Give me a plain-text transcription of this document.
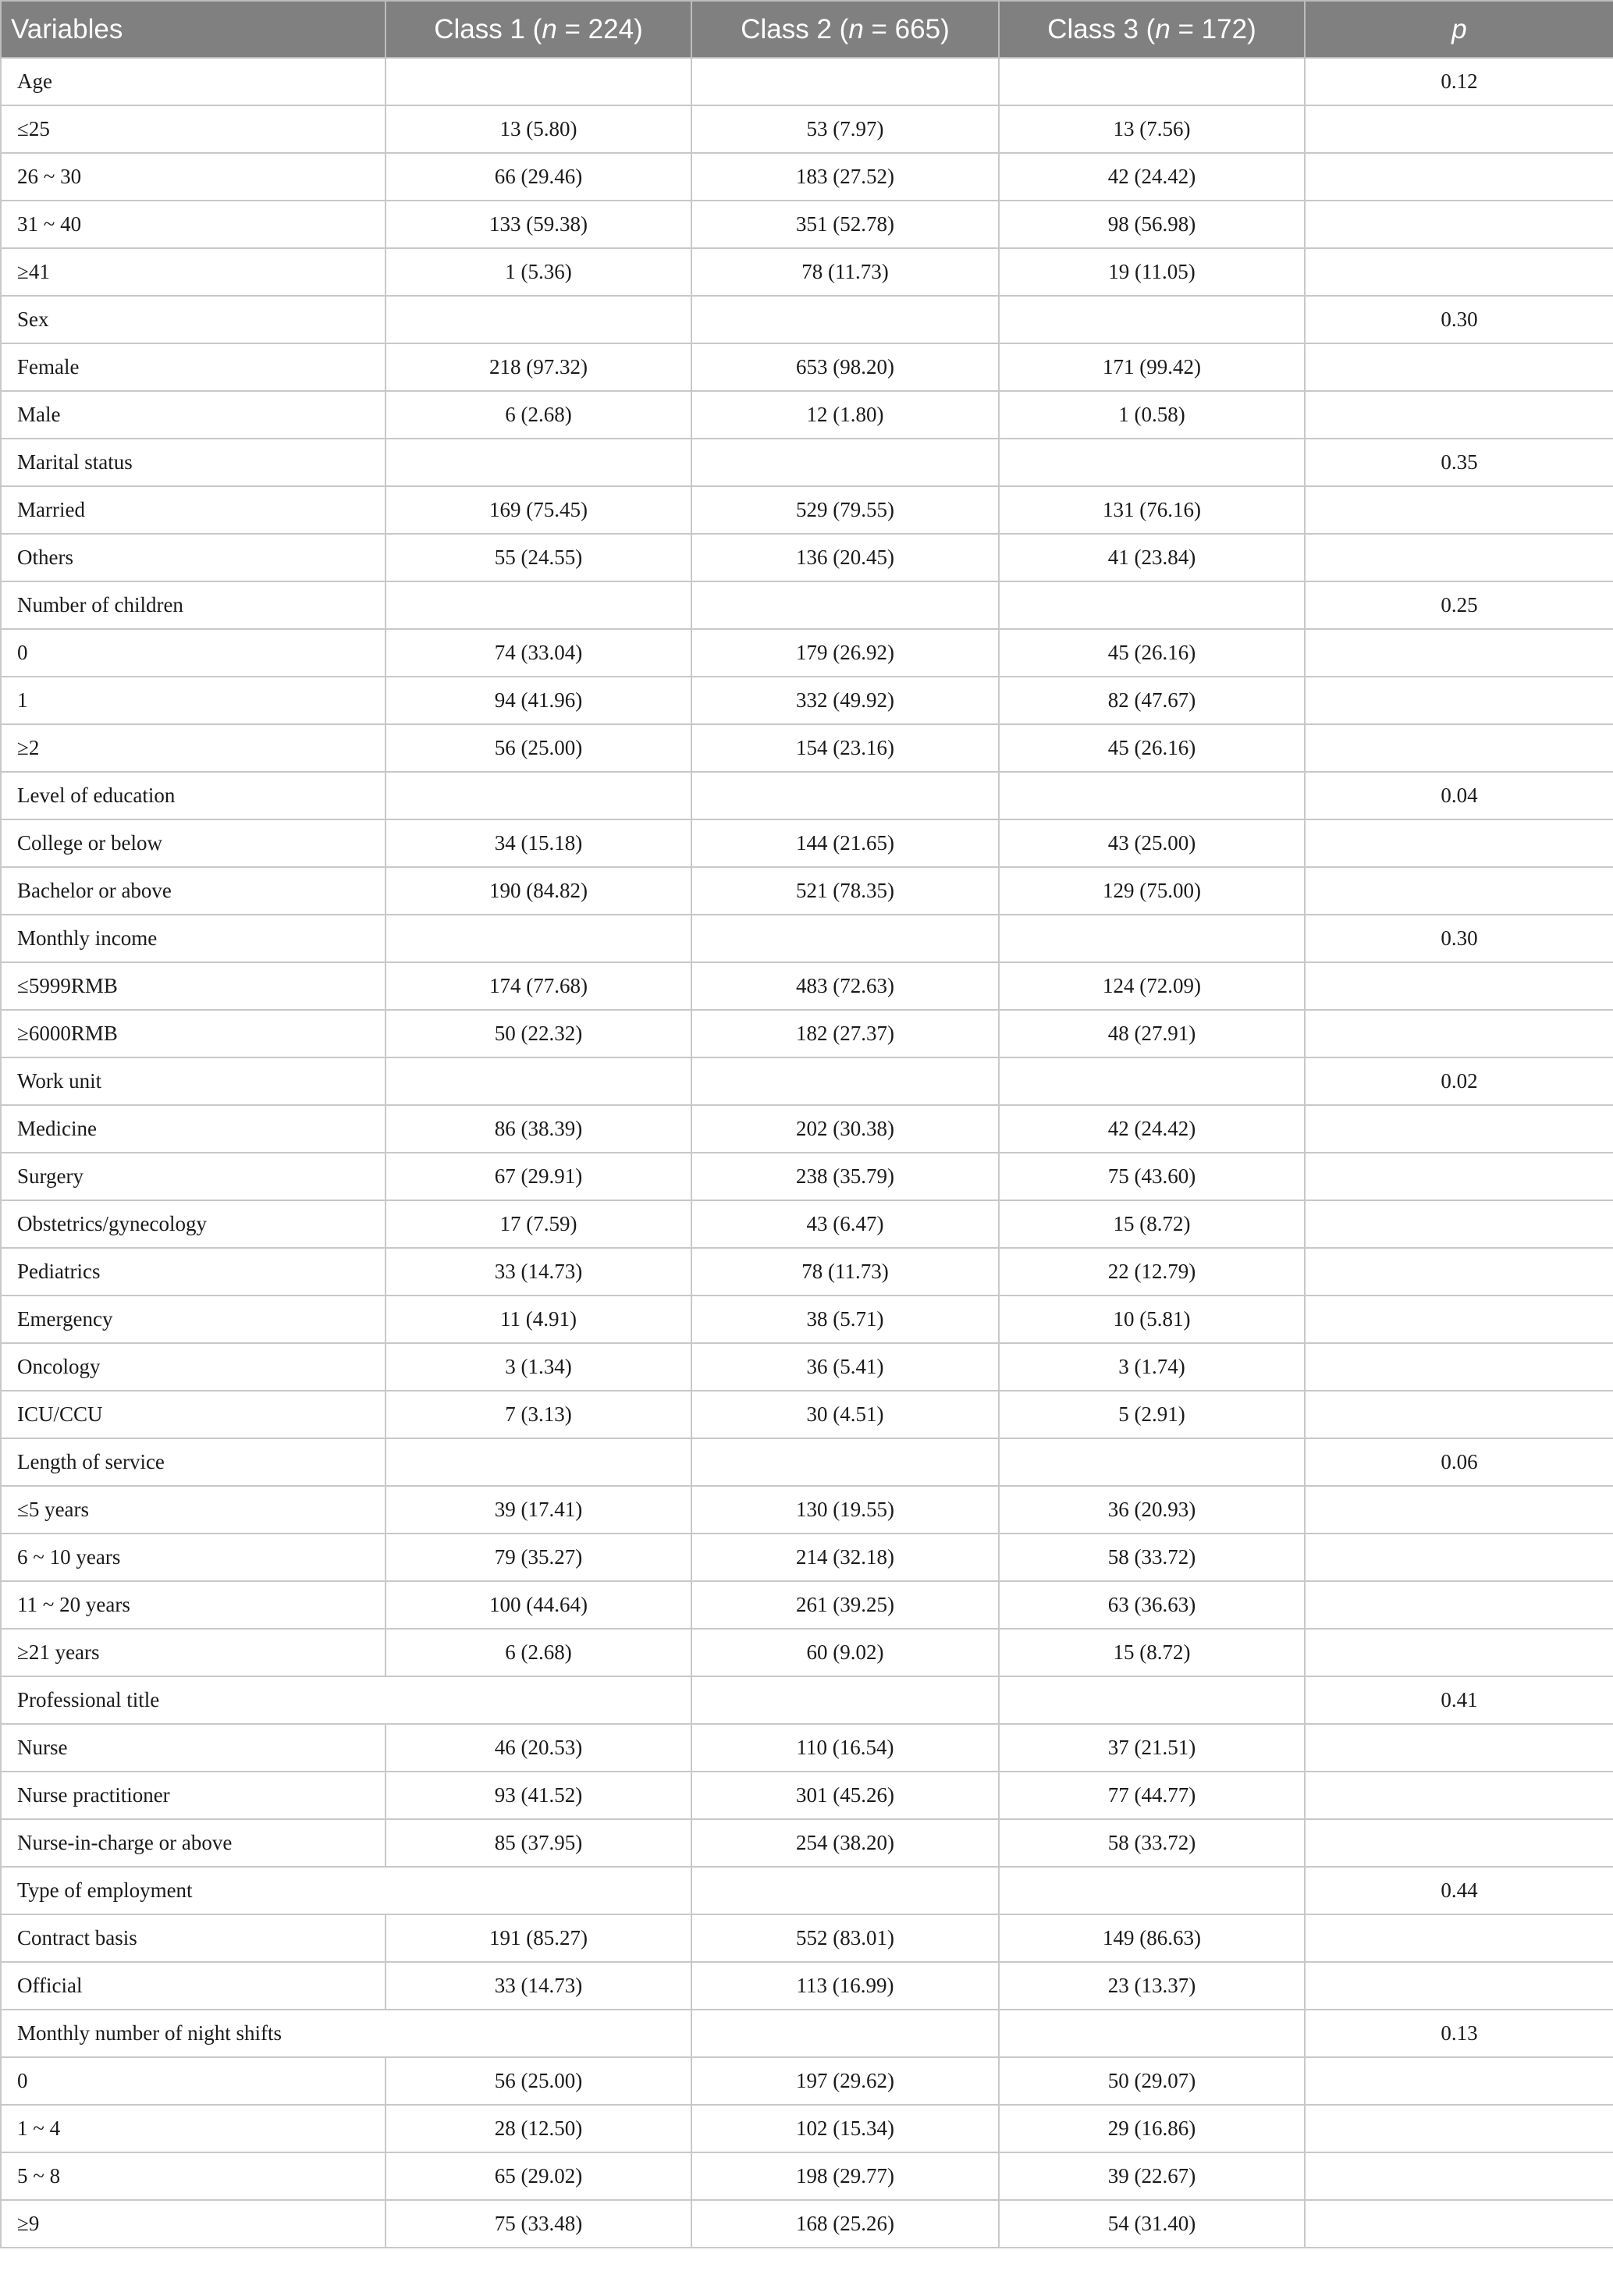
Variables	Class 1 (n = 224)	Class 2 (n = 665)	Class 3 (n = 172)	p
Age				0.12
≤25	13 (5.80)	53 (7.97)	13 (7.56)	
26 ~ 30	66 (29.46)	183 (27.52)	42 (24.42)	
31 ~ 40	133 (59.38)	351 (52.78)	98 (56.98)	
≥41	1 (5.36)	78 (11.73)	19 (11.05)	
Sex				0.30
Female	218 (97.32)	653 (98.20)	171 (99.42)	
Male	6 (2.68)	12 (1.80)	1 (0.58)	
Marital status				0.35
Married	169 (75.45)	529 (79.55)	131 (76.16)	
Others	55 (24.55)	136 (20.45)	41 (23.84)	
Number of children				0.25
0	74 (33.04)	179 (26.92)	45 (26.16)	
1	94 (41.96)	332 (49.92)	82 (47.67)	
≥2	56 (25.00)	154 (23.16)	45 (26.16)	
Level of education				0.04
College or below	34 (15.18)	144 (21.65)	43 (25.00)	
Bachelor or above	190 (84.82)	521 (78.35)	129 (75.00)	
Monthly income				0.30
≤5999RMB	174 (77.68)	483 (72.63)	124 (72.09)	
≥6000RMB	50 (22.32)	182 (27.37)	48 (27.91)	
Work unit				0.02
Medicine	86 (38.39)	202 (30.38)	42 (24.42)	
Surgery	67 (29.91)	238 (35.79)	75 (43.60)	
Obstetrics/gynecology	17 (7.59)	43 (6.47)	15 (8.72)	
Pediatrics	33 (14.73)	78 (11.73)	22 (12.79)	
Emergency	11 (4.91)	38 (5.71)	10 (5.81)	
Oncology	3 (1.34)	36 (5.41)	3 (1.74)	
ICU/CCU	7 (3.13)	30 (4.51)	5 (2.91)	
Length of service				0.06
≤5 years	39 (17.41)	130 (19.55)	36 (20.93)	
6 ~ 10 years	79 (35.27)	214 (32.18)	58 (33.72)	
11 ~ 20 years	100 (44.64)	261 (39.25)	63 (36.63)	
≥21 years	6 (2.68)	60 (9.02)	15 (8.72)	
Professional title				0.41
Nurse	46 (20.53)	110 (16.54)	37 (21.51)	
Nurse practitioner	93 (41.52)	301 (45.26)	77 (44.77)	
Nurse-in-charge or above	85 (37.95)	254 (38.20)	58 (33.72)	
Type of employment				0.44
Contract basis	191 (85.27)	552 (83.01)	149 (86.63)	
Official	33 (14.73)	113 (16.99)	23 (13.37)	
Monthly number of night shifts				0.13
0	56 (25.00)	197 (29.62)	50 (29.07)	
1 ~ 4	28 (12.50)	102 (15.34)	29 (16.86)	
5 ~ 8	65 (29.02)	198 (29.77)	39 (22.67)	
≥9	75 (33.48)	168 (25.26)	54 (31.40)	
